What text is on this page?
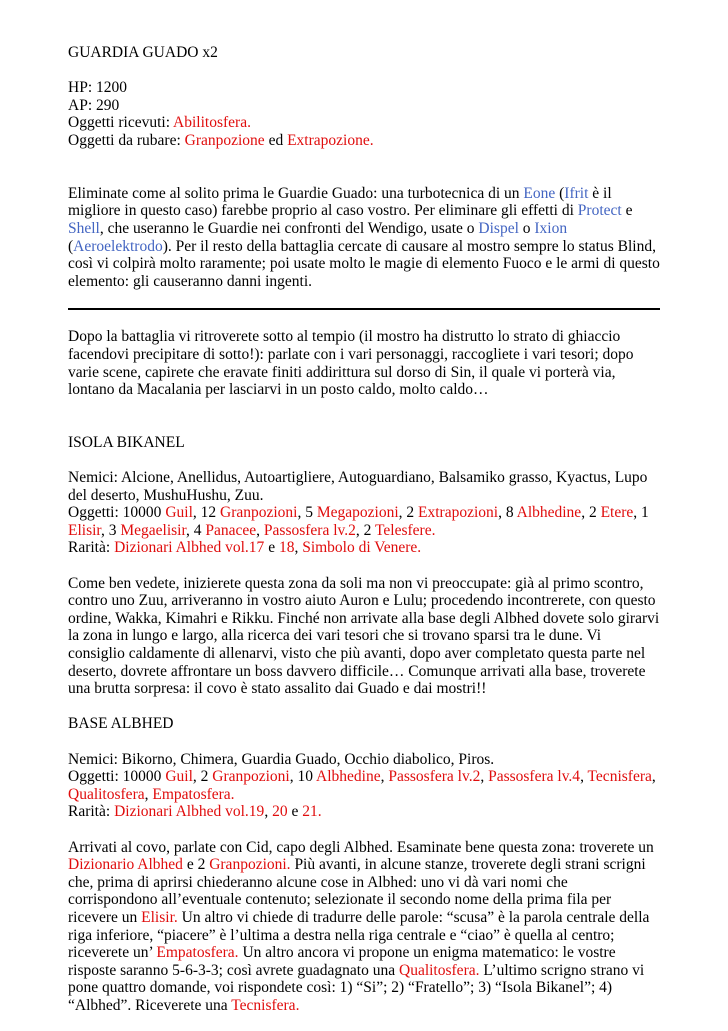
GUARDIA GUADO x2

HP: 1200

AP: 290

Oggetti ricevuti: Abilitosfera.

Oggetti da rubare: Granpozione ed Extrapozione.

Eliminate come al solito prima le Guardie Guado: una turbotecnica di un Eone (Ifrit è il migliore in questo caso) farebbe proprio al caso vostro. Per eliminare gli effetti di Protect e Shell, che useranno le Guardie nei confronti del Wendigo, usate o Dispel o Ixion (Aeroelektrodo). Per il resto della battaglia cercate di causare al mostro sempre lo status Blind, così vi colpirà molto raramente; poi usate molto le magie di elemento Fuoco e le armi di questo elemento: gli causeranno danni ingenti.

Dopo la battaglia vi ritroverete sotto al tempio (il mostro ha distrutto lo strato di ghiaccio facendovi precipitare di sotto!): parlate con i vari personaggi, raccogliete i vari tesori; dopo varie scene, capirete che eravate finiti addirittura sul dorso di Sin, il quale vi porterà via, lontano da Macalania per lasciarvi in un posto caldo, molto caldo…

ISOLA BIKANEL

Nemici: Alcione, Anellidus, Autoartigliere, Autoguardiano, Balsamiko grasso, Kyactus, Lupo del deserto, MushuHushu, Zuu.

Oggetti: 10000 Guil, 12 Granpozioni, 5 Megapozioni, 2 Extrapozioni, 8 Albhedine, 2 Etere, 1 Elisir, 3 Megaelisir, 4 Panacee, Passosfera lv.2, 2 Telesfere.

Rarità: Dizionari Albhed vol.17 e 18, Simbolo di Venere.

Come ben vedete, inizierete questa zona da soli ma non vi preoccupate: già al primo scontro, contro uno Zuu, arriveranno in vostro aiuto Auron e Lulu; procedendo incontrerete, con questo ordine, Wakka, Kimahri e Rikku. Finché non arrivate alla base degli Albhed dovete solo girarvi la zona in lungo e largo, alla ricerca dei vari tesori che si trovano sparsi tra le dune. Vi consiglio caldamente di allenarvi, visto che più avanti, dopo aver completato questa parte nel deserto, dovrete affrontare un boss davvero difficile… Comunque arrivati alla base, troverete una brutta sorpresa: il covo è stato assalito dai Guado e dai mostri!!

BASE ALBHED

Nemici: Bikorno, Chimera, Guardia Guado, Occhio diabolico, Piros.

Oggetti: 10000 Guil, 2 Granpozioni, 10 Albhedine, Passosfera lv.2, Passosfera lv.4, Tecnisfera, Qualitosfera, Empatosfera.

Rarità: Dizionari Albhed vol.19, 20 e 21.

Arrivati al covo, parlate con Cid, capo degli Albhed. Esaminate bene questa zona: troverete un Dizionario Albhed e 2 Granpozioni. Più avanti, in alcune stanze, troverete degli strani scrigni che, prima di aprirsi chiederanno alcune cose in Albhed: uno vi dà vari nomi che corrispondono all’eventuale contenuto; selezionate il secondo nome della prima fila per ricevere un Elisir. Un altro vi chiede di tradurre delle parole: “scusa” è la parola centrale della riga inferiore, “piacere” è l’ultima a destra nella riga centrale e “ciao” è quella al centro; riceverete un’ Empatosfera. Un altro ancora vi propone un enigma matematico: le vostre risposte saranno 5-6-3-3; così avrete guadagnato una Qualitosfera. L’ultimo scrigno strano vi pone quattro domande, voi rispondete così: 1) “Si”; 2) “Fratello”; 3) “Isola Bikanel”; 4) “Albhed”. Riceverete una Tecnisfera.
